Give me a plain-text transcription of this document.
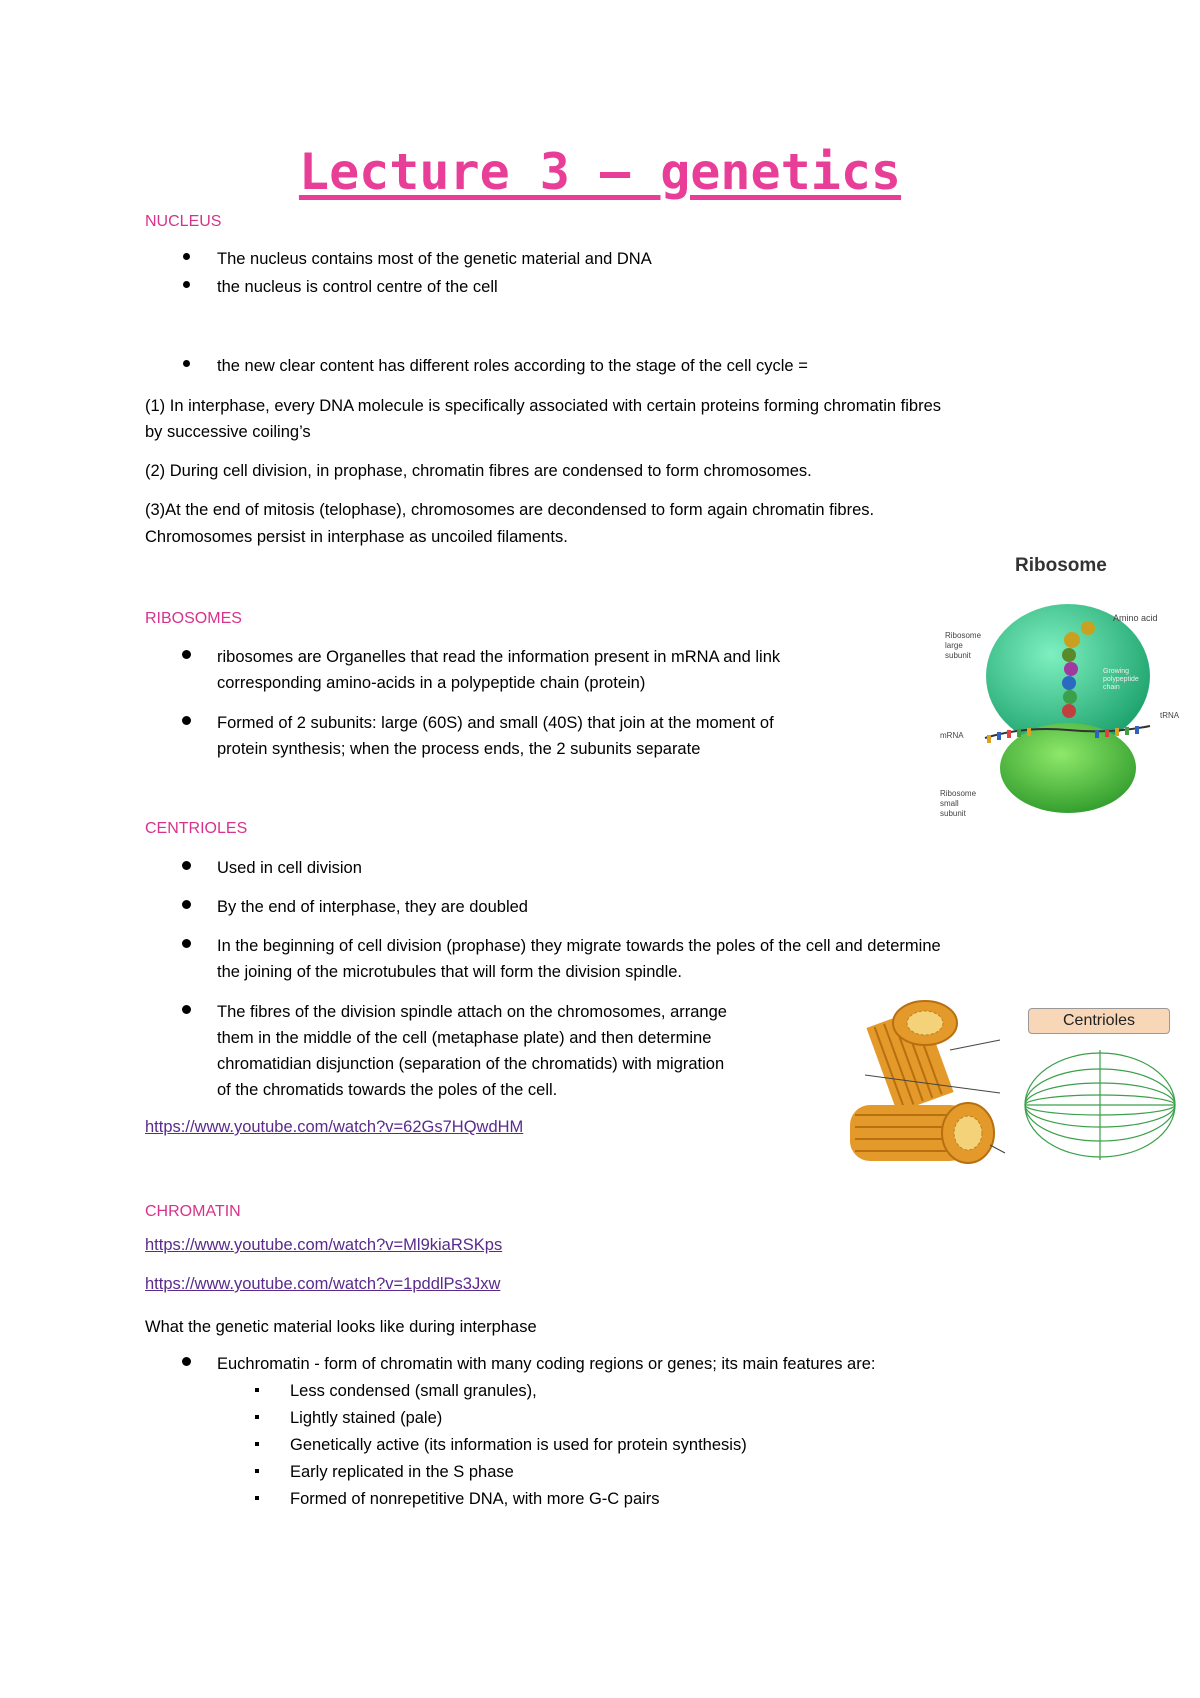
Lecture 3 – genetics
NUCLEUS
The nucleus contains most of the genetic material and DNA
the nucleus is control centre of the cell
the new clear content has different roles according to the stage of the cell cycle =
(1) In interphase, every DNA molecule is specifically associated with certain proteins forming chromatin fibres
by successive coiling’s
(2) During cell division, in prophase, chromatin fibres are condensed to form chromosomes.
(3)At the end of mitosis (telophase), chromosomes are decondensed to form again chromatin fibres.
Chromosomes persist in interphase as uncoiled filaments.
Ribosome
Amino acid
Ribosome
large
subunit
Growing
polypeptide
chain
tRNA
mRNA
Ribosome
small
subunit
RIBOSOMES
ribosomes are Organelles that read the information present in mRNA and link
corresponding amino-acids in a polypeptide chain (protein)
Formed of 2 subunits: large (60S) and small (40S) that join at the moment of
protein synthesis; when the process ends, the 2 subunits separate
CENTRIOLES
Used in cell division
By the end of interphase, they are doubled
In the beginning of cell division (prophase) they migrate towards the poles of the cell and determine
the joining of the microtubules that will form the division spindle.
The fibres of the division spindle attach on the chromosomes, arrange
them in the middle of the cell (metaphase plate) and then determine
chromatidian disjunction (separation of the chromatids) with migration
of the chromatids towards the poles of the cell.
https://www.youtube.com/watch?v=62Gs7HQwdHM
Centrioles
CHROMATIN
https://www.youtube.com/watch?v=Ml9kiaRSKps
https://www.youtube.com/watch?v=1pddlPs3Jxw
What the genetic material looks like during interphase
Euchromatin - form of chromatin with many coding regions or genes; its main features are:
Less condensed (small granules),
Lightly stained (pale)
Genetically active (its information is used for protein synthesis)
Early replicated in the S phase
Formed of nonrepetitive DNA, with more G-C pairs
